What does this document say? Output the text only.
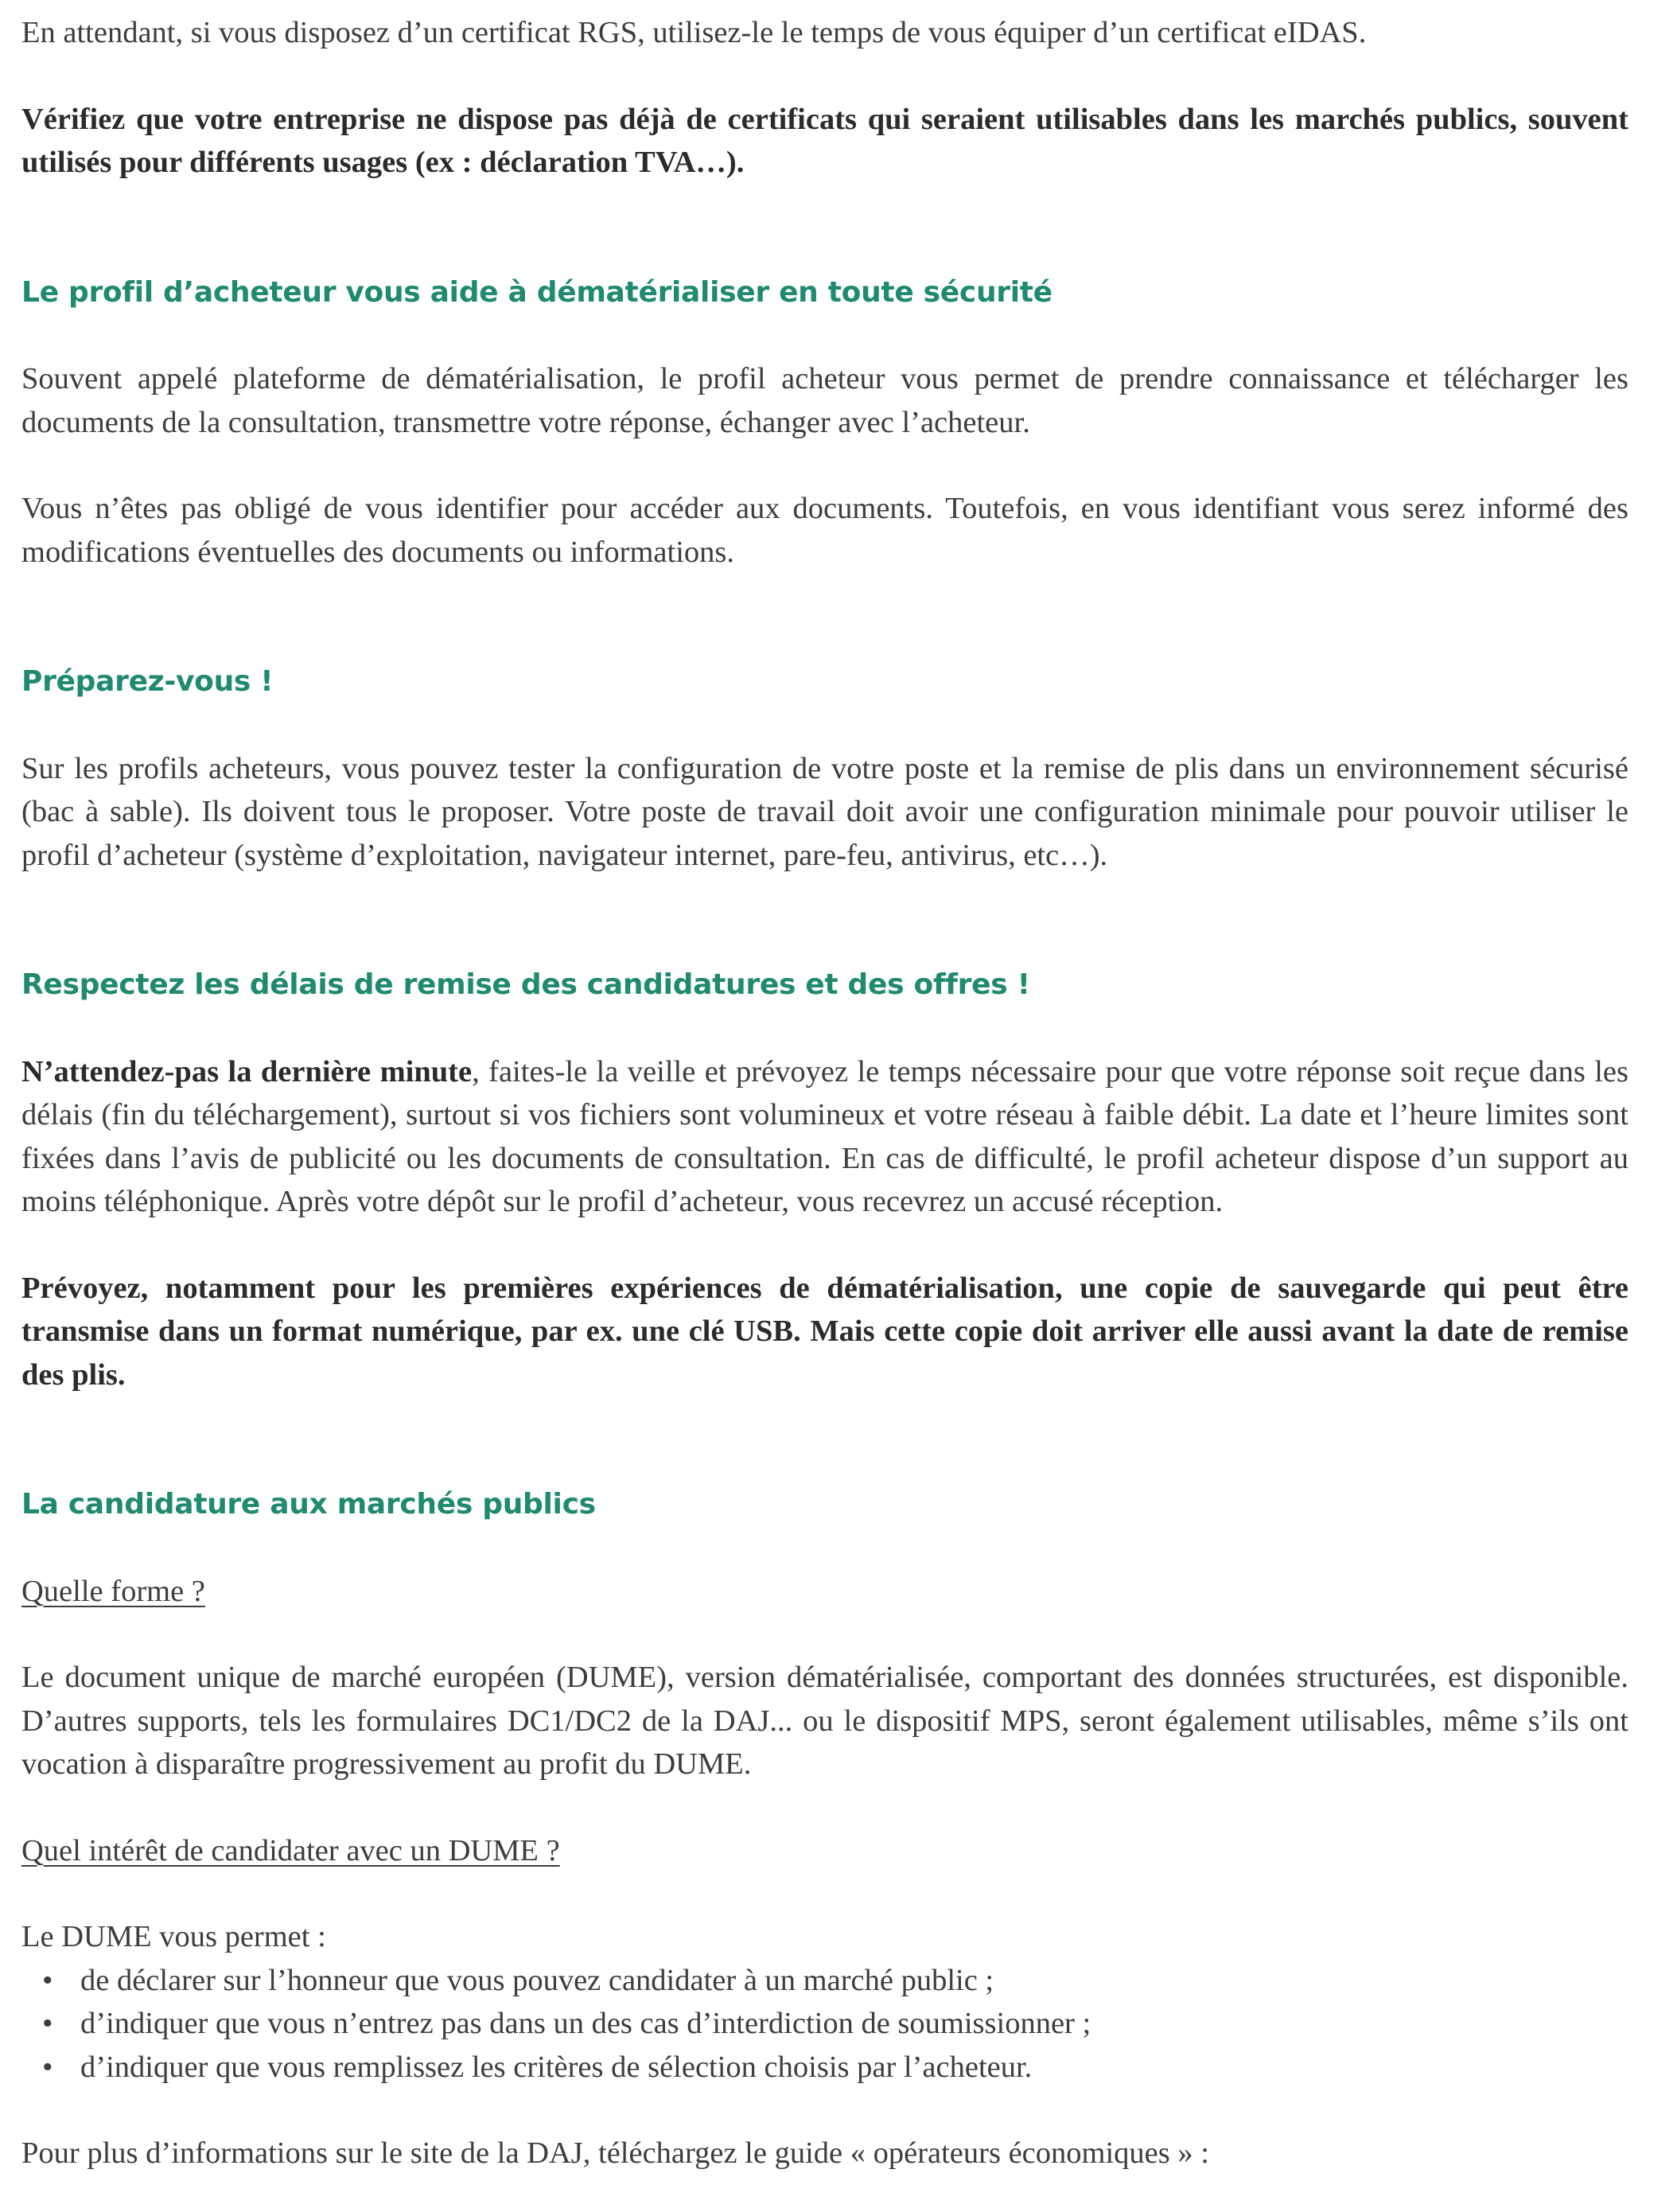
En attendant, si vous disposez d’un certificat RGS, utilisez-le le temps de vous équiper d’un certificat eIDAS.

Vérifiez que votre entreprise ne dispose pas déjà de certificats qui seraient utilisables dans les marchés publics, souvent utilisés pour différents usages (ex : déclaration TVA…).

Le profil d’acheteur vous aide à dématérialiser en toute sécurité

Souvent appelé plateforme de dématérialisation, le profil acheteur vous permet de prendre connaissance et télécharger les documents de la consultation, transmettre votre réponse, échanger avec l’acheteur.

Vous n’êtes pas obligé de vous identifier pour accéder aux documents. Toutefois, en vous identifiant vous serez informé des modifications éventuelles des documents ou informations.

Préparez-vous !

Sur les profils acheteurs, vous pouvez tester la configuration de votre poste et la remise de plis dans un environnement sécurisé (bac à sable). Ils doivent tous le proposer. Votre poste de travail doit avoir une configuration minimale pour pouvoir utiliser le profil d’acheteur (système d’exploitation, navigateur internet, pare-feu, antivirus, etc…).

Respectez les délais de remise des candidatures et des offres !

N’attendez-pas la dernière minute, faites-le la veille et prévoyez le temps nécessaire pour que votre réponse soit reçue dans les délais (fin du téléchargement), surtout si vos fichiers sont volumineux et votre réseau à faible débit. La date et l’heure limites sont fixées dans l’avis de publicité ou les documents de consultation. En cas de difficulté, le profil acheteur dispose d’un support au moins téléphonique. Après votre dépôt sur le profil d’acheteur, vous recevrez un accusé réception.

Prévoyez, notamment pour les premières expériences de dématérialisation, une copie de sauvegarde qui peut être transmise dans un format numérique, par ex. une clé USB. Mais cette copie doit arriver elle aussi avant la date de remise des plis.

La candidature aux marchés publics

Quelle forme ?

Le document unique de marché européen (DUME), version dématérialisée, comportant des données structurées, est disponible. D’autres supports, tels les formulaires DC1/DC2 de la DAJ... ou le dispositif MPS, seront également utilisables, même s’ils ont vocation à disparaître progressivement au profit du DUME.

Quel intérêt de candidater avec un DUME ?

Le DUME vous permet :

• de déclarer sur l’honneur que vous pouvez candidater à un marché public ;
• d’indiquer que vous n’entrez pas dans un des cas d’interdiction de soumissionner ;
• d’indiquer que vous remplissez les critères de sélection choisis par l’acheteur.

Pour plus d’informations sur le site de la DAJ, téléchargez le guide « opérateurs économiques » :
